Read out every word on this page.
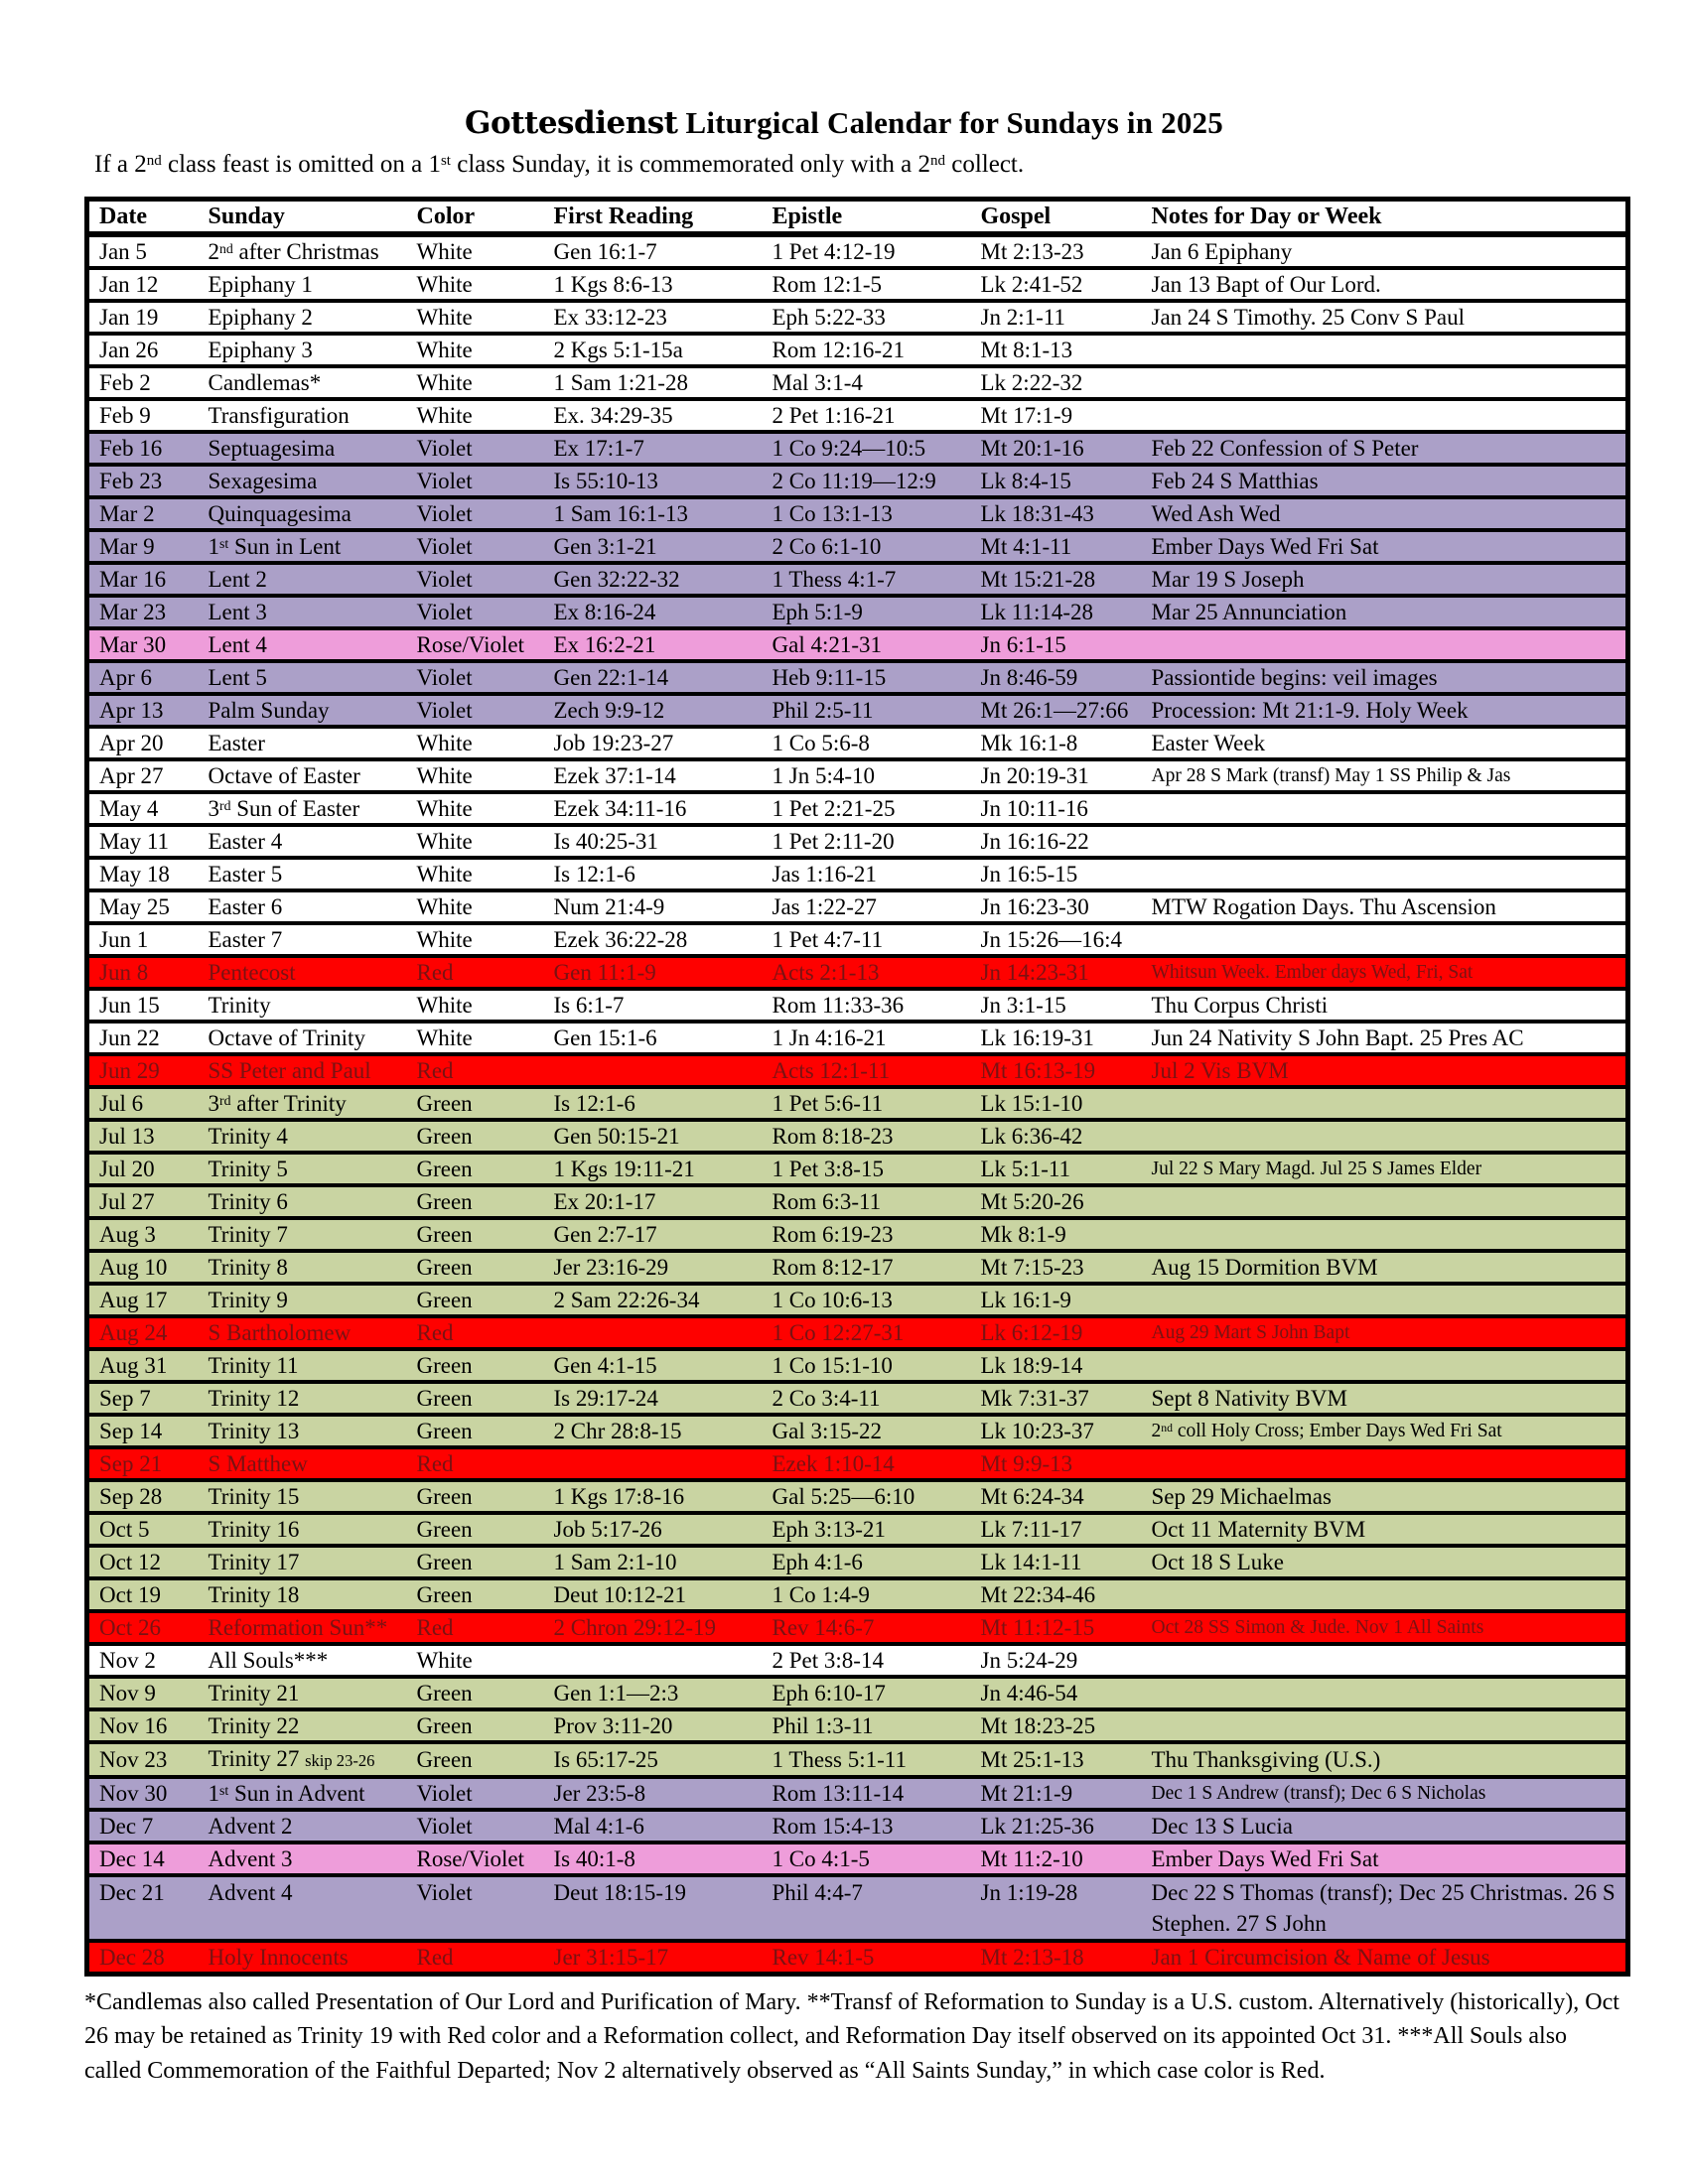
Gottesdienst Liturgical Calendar for Sundays in 2025
If a 2nd class feast is omitted on a 1st class Sunday, it is commemorated only with a 2nd collect.
Date	Sunday	Color	First Reading	Epistle	Gospel	Notes for Day or Week
Jan 5	2nd after Christmas	White	Gen 16:1-7	1 Pet 4:12-19	Mt 2:13-23	Jan 6 Epiphany
Jan 12	Epiphany 1	White	1 Kgs 8:6-13	Rom 12:1-5	Lk 2:41-52	Jan 13 Bapt of Our Lord.
Jan 19	Epiphany 2	White	Ex 33:12-23	Eph 5:22-33	Jn 2:1-11	Jan 24 S Timothy. 25 Conv S Paul
Jan 26	Epiphany 3	White	2 Kgs 5:1-15a	Rom 12:16-21	Mt 8:1-13	
Feb 2	Candlemas*	White	1 Sam 1:21-28	Mal 3:1-4	Lk 2:22-32	
Feb 9	Transfiguration	White	Ex. 34:29-35	2 Pet 1:16-21	Mt 17:1-9	
Feb 16	Septuagesima	Violet	Ex 17:1-7	1 Co 9:24—10:5	Mt 20:1-16	Feb 22 Confession of S Peter
Feb 23	Sexagesima	Violet	Is 55:10-13	2 Co 11:19—12:9	Lk 8:4-15	Feb 24 S Matthias
Mar 2	Quinquagesima	Violet	1 Sam 16:1-13	1 Co 13:1-13	Lk 18:31-43	Wed Ash Wed
Mar 9	1st Sun in Lent	Violet	Gen 3:1-21	2 Co 6:1-10	Mt 4:1-11	Ember Days Wed Fri Sat
Mar 16	Lent 2	Violet	Gen 32:22-32	1 Thess 4:1-7	Mt 15:21-28	Mar 19 S Joseph
Mar 23	Lent 3	Violet	Ex 8:16-24	Eph 5:1-9	Lk 11:14-28	Mar 25 Annunciation
Mar 30	Lent 4	Rose/Violet	Ex 16:2-21	Gal 4:21-31	Jn 6:1-15	
Apr 6	Lent 5	Violet	Gen 22:1-14	Heb 9:11-15	Jn 8:46-59	Passiontide begins: veil images
Apr 13	Palm Sunday	Violet	Zech 9:9-12	Phil 2:5-11	Mt 26:1—27:66	Procession: Mt 21:1-9. Holy Week
Apr 20	Easter	White	Job 19:23-27	1 Co 5:6-8	Mk 16:1-8	Easter Week
Apr 27	Octave of Easter	White	Ezek 37:1-14	1 Jn 5:4-10	Jn 20:19-31	Apr 28 S Mark (transf) May 1 SS Philip & Jas
May 4	3rd Sun of Easter	White	Ezek 34:11-16	1 Pet 2:21-25	Jn 10:11-16	
May 11	Easter 4	White	Is 40:25-31	1 Pet 2:11-20	Jn 16:16-22	
May 18	Easter 5	White	Is 12:1-6	Jas 1:16-21	Jn 16:5-15	
May 25	Easter 6	White	Num 21:4-9	Jas 1:22-27	Jn 16:23-30	MTW Rogation Days. Thu Ascension
Jun 1	Easter 7	White	Ezek 36:22-28	1 Pet 4:7-11	Jn 15:26—16:4	
Jun 8	Pentecost	Red	Gen 11:1-9	Acts 2:1-13	Jn 14:23-31	Whitsun Week. Ember days Wed, Fri, Sat
Jun 15	Trinity	White	Is 6:1-7	Rom 11:33-36	Jn 3:1-15	Thu Corpus Christi
Jun 22	Octave of Trinity	White	Gen 15:1-6	1 Jn 4:16-21	Lk 16:19-31	Jun 24 Nativity S John Bapt. 25 Pres AC
Jun 29	SS Peter and Paul	Red		Acts 12:1-11	Mt 16:13-19	Jul 2 Vis BVM
Jul 6	3rd after Trinity	Green	Is 12:1-6	1 Pet 5:6-11	Lk 15:1-10	
Jul 13	Trinity 4	Green	Gen 50:15-21	Rom 8:18-23	Lk 6:36-42	
Jul 20	Trinity 5	Green	1 Kgs 19:11-21	1 Pet 3:8-15	Lk 5:1-11	Jul 22 S Mary Magd. Jul 25 S James Elder
Jul 27	Trinity 6	Green	Ex 20:1-17	Rom 6:3-11	Mt 5:20-26	
Aug 3	Trinity 7	Green	Gen 2:7-17	Rom 6:19-23	Mk 8:1-9	
Aug 10	Trinity 8	Green	Jer 23:16-29	Rom 8:12-17	Mt 7:15-23	Aug 15 Dormition BVM
Aug 17	Trinity 9	Green	2 Sam 22:26-34	1 Co 10:6-13	Lk 16:1-9	
Aug 24	S Bartholomew	Red		1 Co 12:27-31	Lk 6:12-19	Aug 29 Mart S John Bapt
Aug 31	Trinity 11	Green	Gen 4:1-15	1 Co 15:1-10	Lk 18:9-14	
Sep 7	Trinity 12	Green	Is 29:17-24	2 Co 3:4-11	Mk 7:31-37	Sept 8 Nativity BVM
Sep 14	Trinity 13	Green	2 Chr 28:8-15	Gal 3:15-22	Lk 10:23-37	2nd coll Holy Cross; Ember Days Wed Fri Sat
Sep 21	S Matthew	Red		Ezek 1:10-14	Mt 9:9-13	
Sep 28	Trinity 15	Green	1 Kgs 17:8-16	Gal 5:25—6:10	Mt 6:24-34	Sep 29 Michaelmas
Oct 5	Trinity 16	Green	Job 5:17-26	Eph 3:13-21	Lk 7:11-17	Oct 11 Maternity BVM
Oct 12	Trinity 17	Green	1 Sam 2:1-10	Eph 4:1-6	Lk 14:1-11	Oct 18 S Luke
Oct 19	Trinity 18	Green	Deut 10:12-21	1 Co 1:4-9	Mt 22:34-46	
Oct 26	Reformation Sun**	Red	2 Chron 29:12-19	Rev 14:6-7	Mt 11:12-15	Oct 28 SS Simon & Jude. Nov 1 All Saints
Nov 2	All Souls***	White		2 Pet 3:8-14	Jn 5:24-29	
Nov 9	Trinity 21	Green	Gen 1:1—2:3	Eph 6:10-17	Jn 4:46-54	
Nov 16	Trinity 22	Green	Prov 3:11-20	Phil 1:3-11	Mt 18:23-25	
Nov 23	Trinity 27 skip 23-26	Green	Is 65:17-25	1 Thess 5:1-11	Mt 25:1-13	Thu Thanksgiving (U.S.)
Nov 30	1st Sun in Advent	Violet	Jer 23:5-8	Rom 13:11-14	Mt 21:1-9	Dec 1 S Andrew (transf); Dec 6 S Nicholas
Dec 7	Advent 2	Violet	Mal 4:1-6	Rom 15:4-13	Lk 21:25-36	Dec 13 S Lucia
Dec 14	Advent 3	Rose/Violet	Is 40:1-8	1 Co 4:1-5	Mt 11:2-10	Ember Days Wed Fri Sat
Dec 21	Advent 4	Violet	Deut 18:15-19	Phil 4:4-7	Jn 1:19-28	Dec 22 S Thomas (transf); Dec 25 Christmas. 26 S Stephen. 27 S John
Dec 28	Holy Innocents	Red	Jer 31:15-17	Rev 14:1-5	Mt 2:13-18	Jan 1 Circumcision & Name of Jesus
*Candlemas also called Presentation of Our Lord and Purification of Mary. **Transf of Reformation to Sunday is a U.S. custom. Alternatively (historically), Oct 26 may be retained as Trinity 19 with Red color and a Reformation collect, and Reformation Day itself observed on its appointed Oct 31. ***All Souls also called Commemoration of the Faithful Departed; Nov 2 alternatively observed as “All Saints Sunday,” in which case color is Red.
